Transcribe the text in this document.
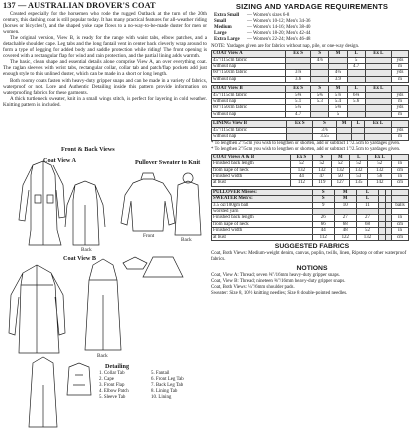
137 — AUSTRALIAN DROVER'S COAT

Created especially for the horsemen who rode the rugged Outback at the turn of the 20th century, this dashing coat is still popular today. It has many practical features for all-weather riding (horses or bicycles!), and the shaped yoke cape flows to a no-way-to-be-made duster for men or women.

The original version, View B, is ready for the range with waist tabs, elbow patches, and a detachable shoulder cape. Leg tabs and the long fantail vent in center back cleverly wrap around to form a type of legging for added body and saddle protection while riding! The front opening is covered with a rectangular flap for wind and rain protection, and the partial lining adds warmth.

The basic, clean shape and essential details alone comprise View A, an over everything coat. The raglan sleeves with wrist tabs, rectangular collar, collar tab and patch/flap pockets add just enough style to this unlined duster, which can be made in a short or long length.

Both roomy coats fasten with heavy-duty gripper snaps and can be made in a variety of fabrics, waterproof or not. Lore and Authentic Detailing inside this pattern provide information on waterproofing fabrics for these garments.

A thick turtleneck sweater, knit in a small wings stitch, is perfect for layering in cold weather. Knitting pattern is included.

Front & Back Views
Coat View A	Pullover Sweater to Knit
Back
Front
Back
Coat View B
Back
Detailing
1. Collar Tab	5. Fantail
2. Cape	6. Front Leg Tab
3. Front Flap	7. Back Leg Tab
4. Elbow Patch	8. Lining Tab
5. Sleeve Tab	10. Lining
SIZING AND YARDAGE REQUIREMENTS
Extra Small	— Women's sizes 6-8
Small	— Women's 10-12; Men's 34-36
Medium	— Women's 14-16; Men's 38-40
Large	— Women's 18-20; Men's 42-44
Extra Large	— Women's 22-24; Men's 46-48
NOTE: Yardages given are for fabrics without nap, pile, or one-way design.
COAT View A	Ex S	S	M	L	Ex L	
45"/115cm fabric		4⅞		5		yds
without nap				4.7		m
60"/150cm fabric	3⅞		4¼			yds
without nap	3.6		3.9			m
COAT View B	Ex S	S	M	L	Ex L	
45"/115cm fabric	5⅝	5¾	5⅞	6⅛		yds
without nap	5.1	5.3	5.4	5.6		m
60"/150cm fabric	5¼		5⅝			yds
without nap	4.7		5			m
LINING View B	Ex S	S	M	L	Ex L	
45"/115cm fabric		3⅞				yds
without nap		3.55				m
* To lengthen 2"/5cm you wish to lengthen or shorten, add or subtract 1"/2.5cm to yardages given.
* To lengthen 2"/5cm you wish to lengthen or shorten, add or subtract 1"/2.5cm to yardages given.
COAT Views A & B	Ex S	S	M	L	Ex L	
Finished back length	52	52	52	52	52	in
from nape of neck	132	132	132	132	132	cm
Finished width	44	47	50	53	56	in
at bust	112	119	127	135	142	cm
PULLOVER Misses:	S	M	L			
SWEATER Men's:	S	M	L			
3.5 oz/100gm ball	9	10	11			balls
worsted yarn						
Finished back length	26	27	27			in
from nape of neck	66	68	68			cm
Finished width	44	48	52			in
at bust	112	122	132			cm
SUGGESTED FABRICS

Coat, Both Views: Medium-weight denim, canvas, poplin, twills, linen, Ripstop or other waterproof fabrics.

NOTIONS

Coat, View A: Thread; seven ⅝"/16mm heavy-duty gripper snaps.

Coat, View B: Thread; nineteen ⅝"/16mm heavy-duty gripper snaps.

Coat, Both Views: ¼"/6mm shoulder pads.

Sweater: Size 8, 10½ knitting needles; Size 8 double-pointed needles.
